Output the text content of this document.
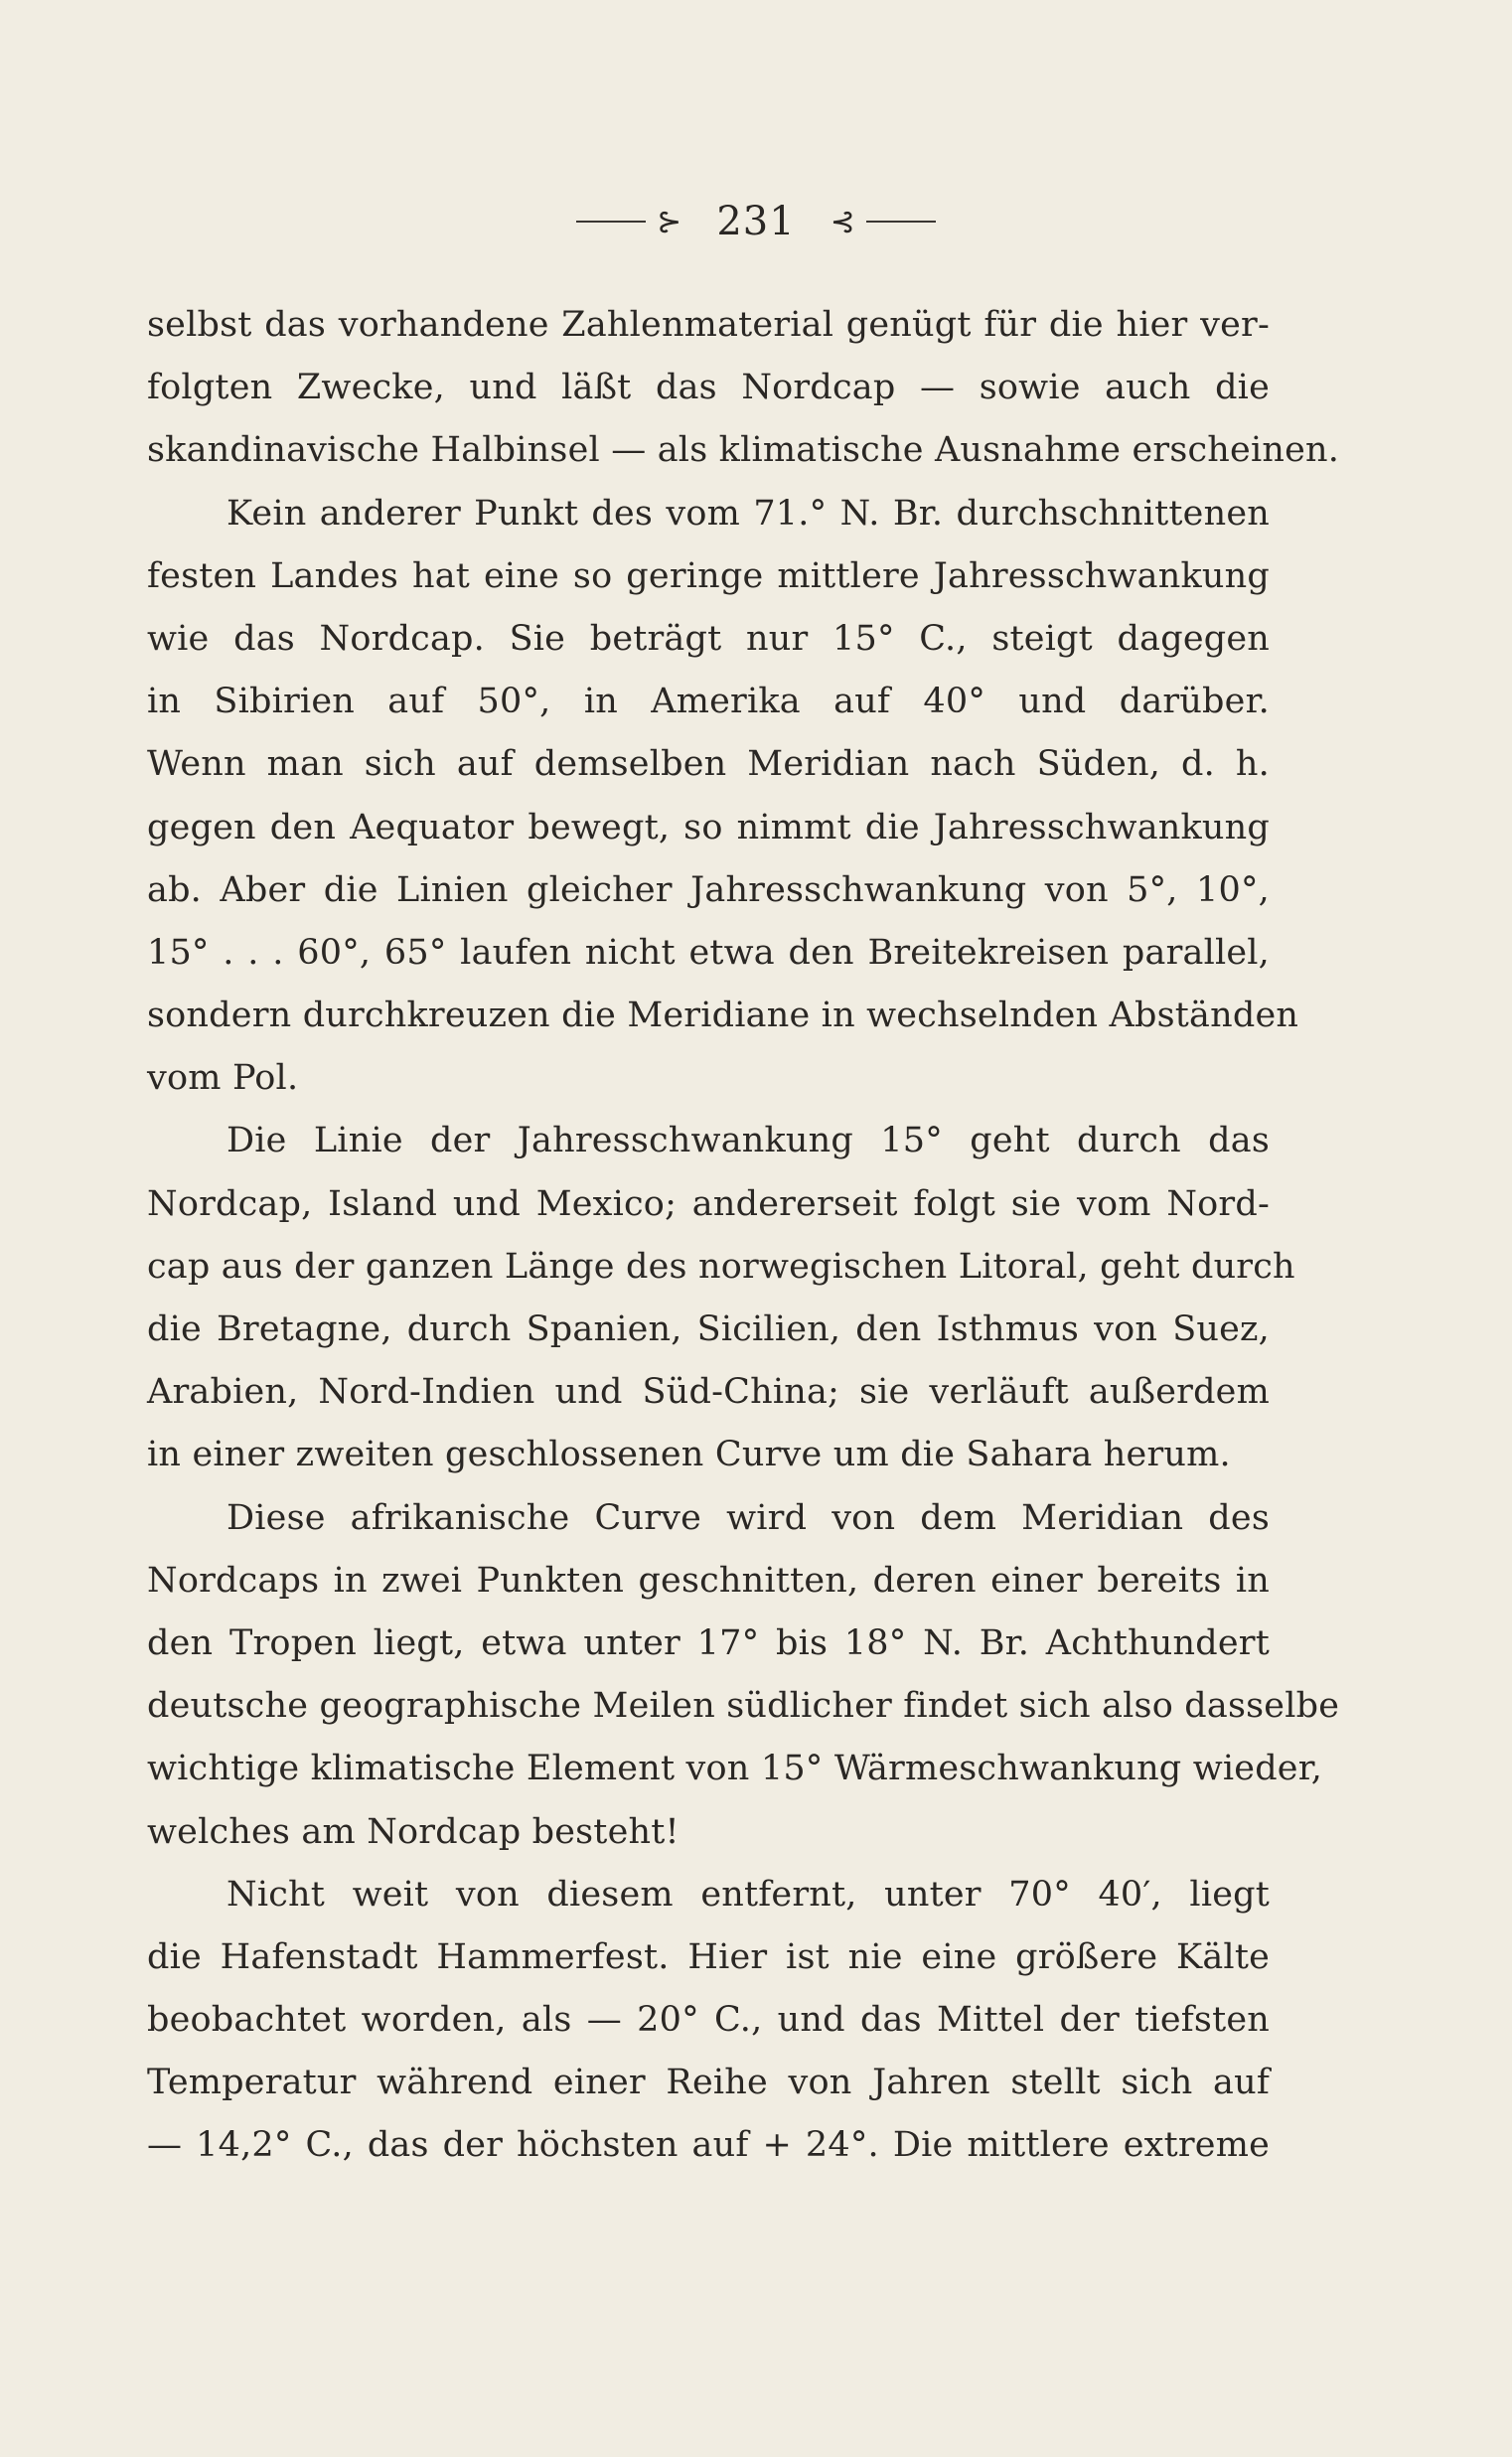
⊱ 231 ⊰
selbst das vorhandene Zahlenmaterial genügt für die hier ver-
folgten Zwecke, und läßt das Nordcap — sowie auch die
skandinavische Halbinsel — als klimatische Ausnahme erscheinen.
Kein anderer Punkt des vom 71.° N. Br. durchschnittenen
festen Landes hat eine so geringe mittlere Jahresschwankung
wie das Nordcap. Sie beträgt nur 15° C., steigt dagegen
in Sibirien auf 50°, in Amerika auf 40° und darüber.
Wenn man sich auf demselben Meridian nach Süden, d. h.
gegen den Aequator bewegt, so nimmt die Jahresschwankung
ab. Aber die Linien gleicher Jahresschwankung von 5°, 10°,
15° . . . 60°, 65° laufen nicht etwa den Breitekreisen parallel,
sondern durchkreuzen die Meridiane in wechselnden Abständen
vom Pol.
Die Linie der Jahresschwankung 15° geht durch das
Nordcap, Island und Mexico; andererseit folgt sie vom Nord-
cap aus der ganzen Länge des norwegischen Litoral, geht durch
die Bretagne, durch Spanien, Sicilien, den Isthmus von Suez,
Arabien, Nord-Indien und Süd-China; sie verläuft außerdem
in einer zweiten geschlossenen Curve um die Sahara herum.
Diese afrikanische Curve wird von dem Meridian des
Nordcaps in zwei Punkten geschnitten, deren einer bereits in
den Tropen liegt, etwa unter 17° bis 18° N. Br. Achthundert
deutsche geographische Meilen südlicher findet sich also dasselbe
wichtige klimatische Element von 15° Wärmeschwankung wieder,
welches am Nordcap besteht!
Nicht weit von diesem entfernt, unter 70° 40′, liegt
die Hafenstadt Hammerfest. Hier ist nie eine größere Kälte
beobachtet worden, als — 20° C., und das Mittel der tiefsten
Temperatur während einer Reihe von Jahren stellt sich auf
— 14,2° C., das der höchsten auf + 24°. Die mittlere extreme
